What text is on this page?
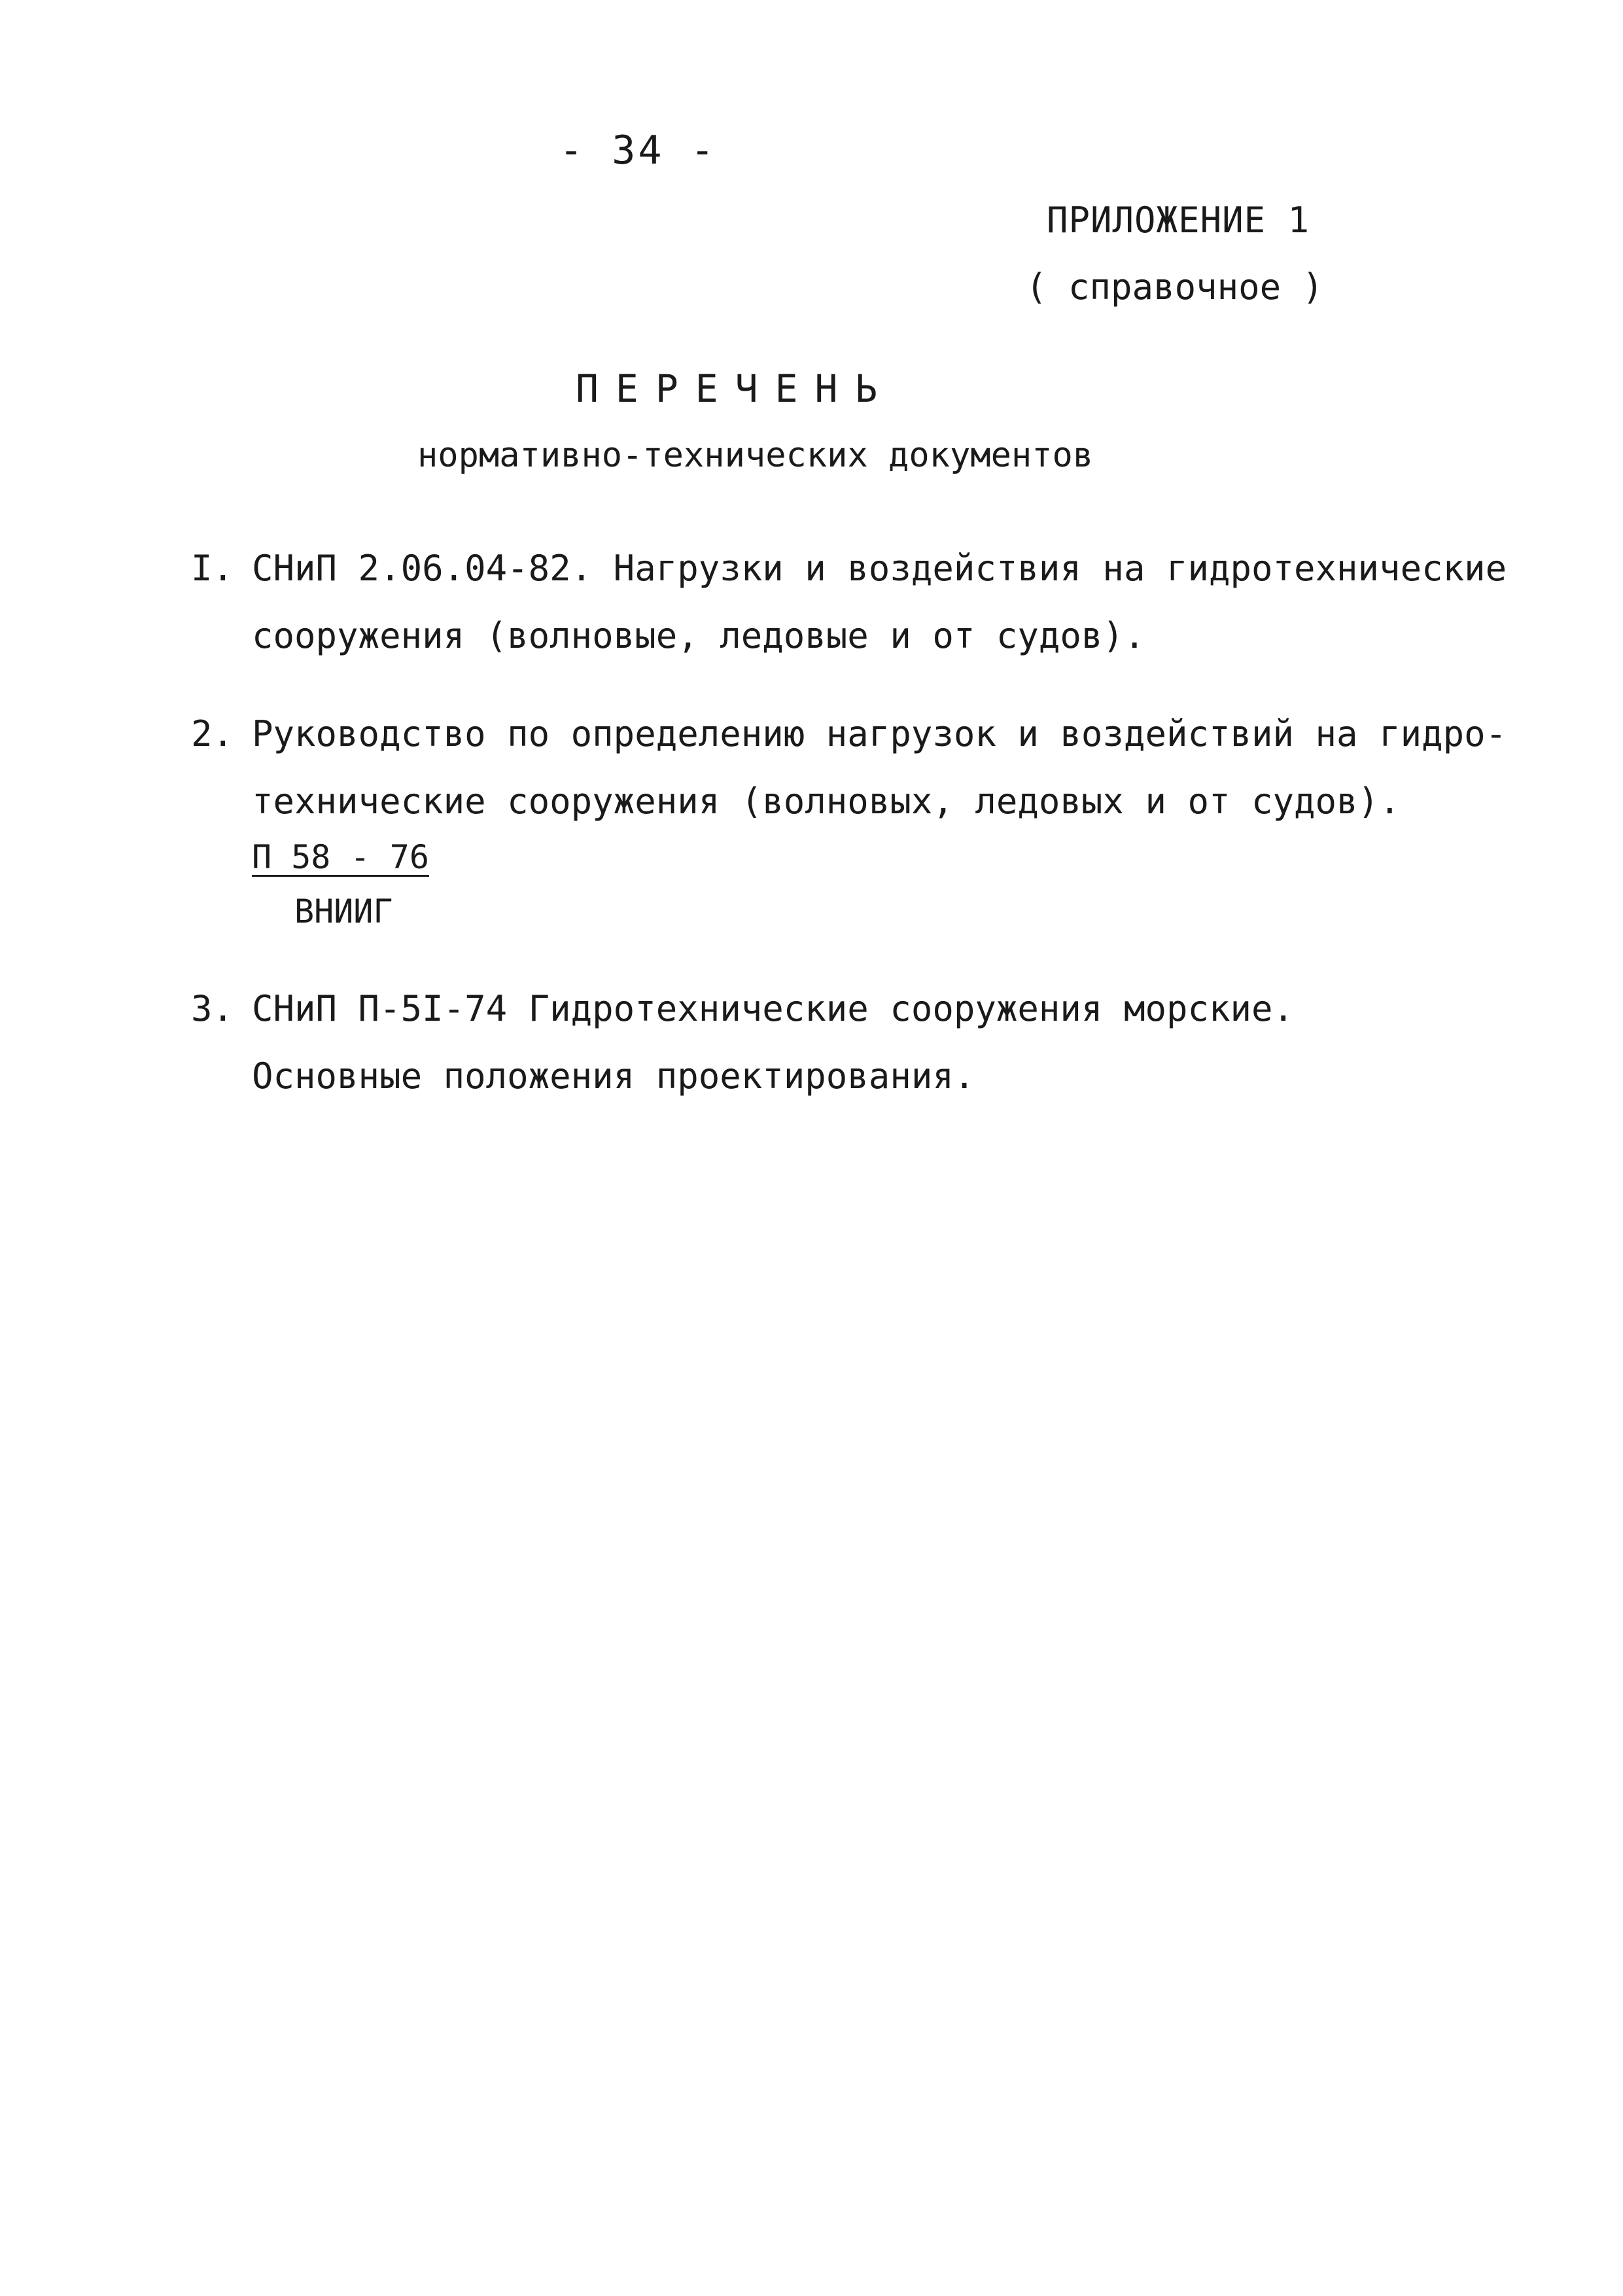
- 34 -
ПРИЛОЖЕНИЕ 1
( справочное )
ПЕРЕЧЕНЬ
нормативно-технических документов
I. СНиП 2.06.04-82. Нагрузки и воздействия на гидротехнические
сооружения (волновые, ледовые и от судов).
2. Руководство по определению нагрузок и воздействий на гидро-
технические сооружения (волновых, ледовых и от судов).
П 58 - 76
ВНИИГ
3. СНиП П-5I-74 Гидротехнические сооружения морские.
Основные положения проектирования.
